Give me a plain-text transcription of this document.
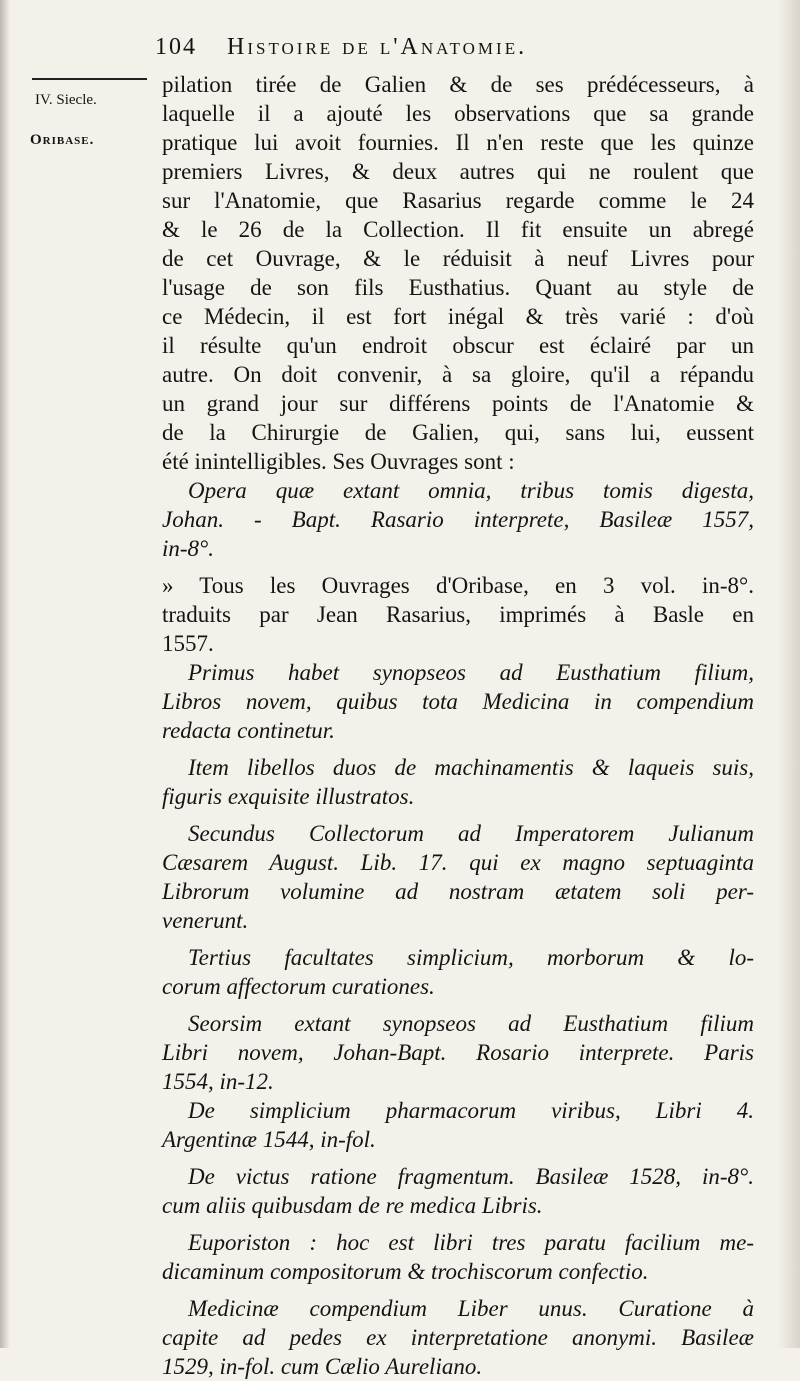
104 Histoire de l'Anatomie.
IV. Siecle.
Oribase.

pilation tirée de Galien & de ses prédécesseurs, à
laquelle il a ajouté les observations que sa grande
pratique lui avoit fournies. Il n'en reste que les quinze
premiers Livres, & deux autres qui ne roulent que
sur l'Anatomie, que Rasarius regarde comme le 24
& le 26 de la Collection. Il fit ensuite un abregé
de cet Ouvrage, & le réduisit à neuf Livres pour
l'usage de son fils Eusthatius. Quant au style de
ce Médecin, il est fort inégal & très varié : d'où
il résulte qu'un endroit obscur est éclairé par un
autre. On doit convenir, à sa gloire, qu'il a répandu
un grand jour sur différens points de l'Anatomie &
de la Chirurgie de Galien, qui, sans lui, eussent
été inintelligibles. Ses Ouvrages sont :

Opera quæ extant omnia, tribus tomis digesta,
Johan. - Bapt. Rasario interprete, Basileæ 1557,
in-8°.

» Tous les Ouvrages d'Oribase, en 3 vol. in-8°.
traduits par Jean Rasarius, imprimés à Basle en
1557.

Primus habet synopseos ad Eusthatium filium,
Libros novem, quibus tota Medicina in compendium
redacta continetur.

Item libellos duos de machinamentis & laqueis suis,
figuris exquisite illustratos.

Secundus Collectorum ad Imperatorem Julianum
Cæsarem August. Lib. 17. qui ex magno septuaginta
Librorum volumine ad nostram ætatem soli per-
venerunt.

Tertius facultates simplicium, morborum & lo-
corum affectorum curationes.

Seorsim extant synopseos ad Eusthatium filium
Libri novem, Johan-Bapt. Rosario interprete. Paris
1554, in-12.

De simplicium pharmacorum viribus, Libri 4.
Argentinæ 1544, in-fol.

De victus ratione fragmentum. Basileæ 1528, in-8°.
cum aliis quibusdam de re medica Libris.

Euporiston : hoc est libri tres paratu facilium me-
dicaminum compositorum & trochiscorum confectio.

Medicinæ compendium Liber unus. Curatione à
capite ad pedes ex interpretatione anonymi. Basileæ
1529, in-fol. cum Cælio Aureliano.
